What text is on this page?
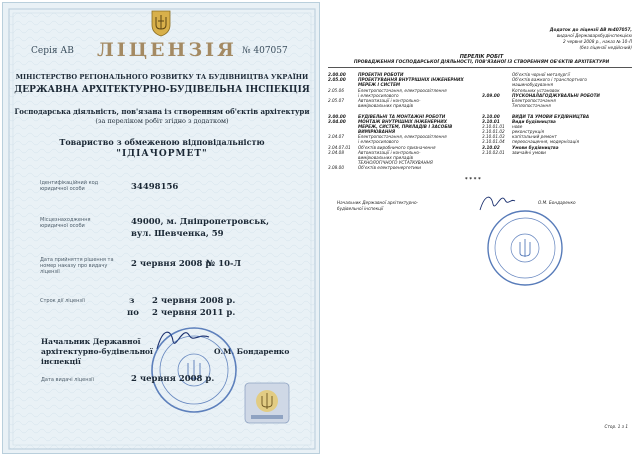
Серія АВ ЛІЦЕНЗІЯ № 407057
МІНІСТЕРСТВО РЕГІОНАЛЬНОГО РОЗВИТКУ ТА БУДІВНИЦТВА УКРАЇНИ
ДЕРЖАВНА АРХІТЕКТУРНО-БУДІВЕЛЬНА ІНСПЕКЦІЯ
Господарська діяльність, пов'язана із створенням об'єктів архітектури
(за переліком робіт згідно з додатком)
Товариство з обмеженою відповідальністю
"ІДІАЧОРМЕТ"
Ідентифікаційний код юридичної особи	34498156
Місцезнаходження юридичної особи	49000, м. Дніпропетровськ,
вул. Шевченка, 59
Дата прийняття рішення та номер наказу про видачу ліцензії
2 червня 2008 р.
№ 10-Л
Строк дії ліцензії	з 2 червня 2008 р.
по 2 червня 2011 р.
Начальник Державної
архітектурно-будівельної
інспекції
О.М. Бондаренко
Дата видачі ліцензії	2 червня 2008 р.
Додаток до ліцензії АВ №407057,
виданої Державархбудінспекцією
2 червня 2008 р., наказ № 10-Л
(без ліцензії недійсний)
ПЕРЕЛІК РОБІТ
ПРОВАДЖЕННЯ ГОСПОДАРСЬКОЇ ДІЯЛЬНОСТІ, ПОВ'ЯЗАНОЇ ІЗ СТВОРЕННЯМ ОБ'ЄКТІВ АРХІТЕКТУРИ
2.00.00	ПРОЕКТНІ РОБОТИ
2.05.00	ПРОЕКТУВАННЯ ВНУТРІШНІХ ІНЖЕНЕРНИХ
МЕРЕЖ І СИСТЕМ
2.05.06	Електропостачання, електроосвітлення
і електросилового
2.05.07	Автоматизації і контрольно-
вимірювальних приладів
3.00.00	БУДІВЕЛЬНІ ТА МОНТАЖНІ РОБОТИ
3.04.00	МОНТАЖ ВНУТРІШНІХ ІНЖЕНЕРНИХ
МЕРЕЖ, СИСТЕМ, ПРИЛАДІВ І ЗАСОБІВ
ВИМІРЮВАННЯ
3.04.07	Електропостачання, електроосвітлення
і електросилового
3.04.07.01 Об'єктів виробничого призначення
3.04.08	Автоматизації і контрольно-
вимірювальних приладів
ТЕХНОЛОГІЧНОГО УСТАТКУВАННЯ
3.08.00	Об'єктів електроенергетики
Об'єктів чорної металургії
Об'єктів важкого і транспортного
машинобудування
Котельних установок
3.09.00	ПУСКОНАЛАГОДЖУВАЛЬНІ РОБОТИ
Електропостачання
Теплопостачання
3.10.00	ВИДИ ТА УМОВИ БУДІВНИЦТВА
3.10.01	Види будівництва
3.10.01.01 нове
3.10.01.02 реконструкція
3.10.01.03 капітальний ремонт
3.10.01.04 переоснащення, модернізація
3.10.02	Умови будівництва
3.10.02.01 звичайні умови
* * * *
Начальник Державної архітектурно-
будівельної інспекції
О.М. Бондаренко
Стор. 1 з 1
